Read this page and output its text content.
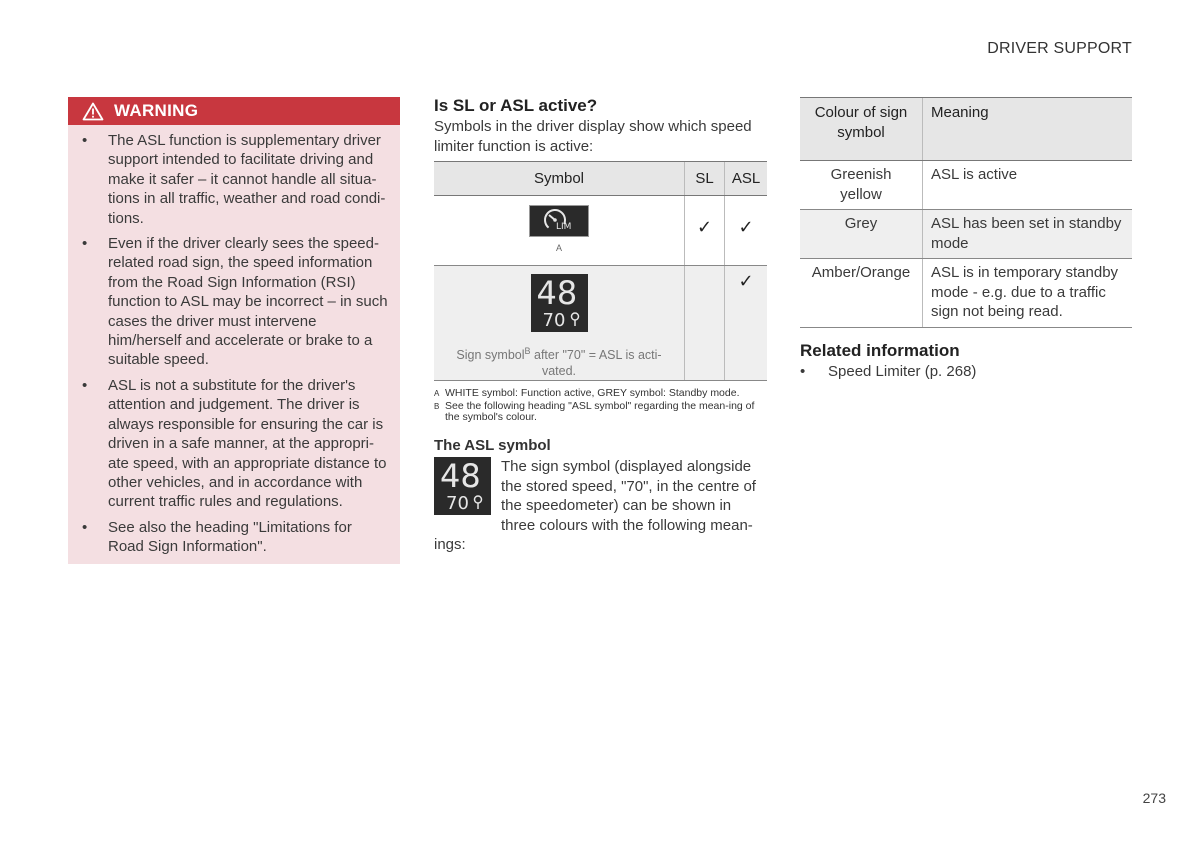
DRIVER SUPPORT
WARNING
• The ASL function is supplementary driver support intended to facilitate driving and make it safer – it cannot handle all situa-tions in all traffic, weather and road condi-tions.
• Even if the driver clearly sees the speed-related road sign, the speed information from the Road Sign Information (RSI) function to ASL may be incorrect – in such cases the driver must intervene him/herself and accelerate or brake to a suitable speed.
• ASL is not a substitute for the driver's attention and judgement. The driver is always responsible for ensuring the car is driven in a safe manner, at the appropri-ate speed, with an appropriate distance to other vehicles, and in accordance with current traffic rules and regulations.
• See also the heading "Limitations for Road Sign Information".
Is SL or ASL active?

Symbols in the driver display show which speed limiter function is active:

Symbol	SL	ASL

LIM
A	✓	✓

48
70
Sign symbol$^B$ after "70" = ASL is acti-vated.		✓
A WHITE symbol: Function active, GREY symbol: Standby mode.
B See the following heading "ASL symbol" regarding the mean-ing of the symbol's colour.
The ASL symbol
48
70

The sign symbol (displayed alongside the stored speed, "70", in the centre of the speedometer) can be shown in three colours with the following mean-ings:

Colour of sign symbol	Meaning
Greenish yellow	ASL is active
Grey	ASL has been set in standby mode
Amber/Orange	ASL is in temporary standby mode - e.g. due to a traffic sign not being read.
Related information
• Speed Limiter (p. 268)
273
